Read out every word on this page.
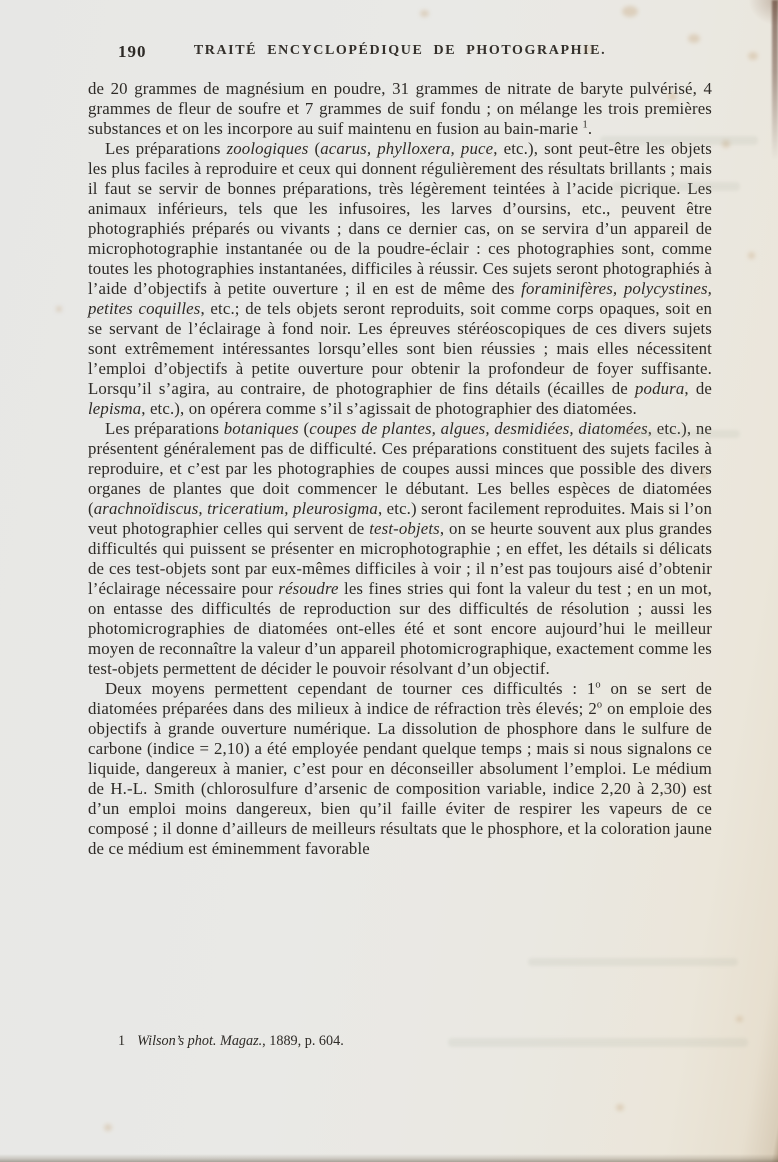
190	TRAITÉ ENCYCLOPÉDIQUE DE PHOTOGRAPHIE.

de 20 grammes de magnésium en poudre, 31 grammes de nitrate de baryte pulvérisé, 4 grammes de fleur de soufre et 7 grammes de suif fondu ; on mélange les trois premières substances et on les incorpore au suif maintenu en fusion au bain-marie $^1$.

Les préparations zoologiques (acarus, phylloxera, puce, etc.), sont peut-être les objets les plus faciles à reproduire et ceux qui donnent régulièrement des résultats brillants ; mais il faut se servir de bonnes préparations, très légèrement teintées à l’acide picrique. Les animaux inférieurs, tels que les infusoires, les larves d’oursins, etc., peuvent être photographiés préparés ou vivants ; dans ce dernier cas, on se servira d’un appareil de microphotographie instantanée ou de la poudre-éclair : ces photographies sont, comme toutes les photographies instantanées, difficiles à réussir. Ces sujets seront photographiés à l’aide d’objectifs à petite ouverture ; il en est de même des foraminifères, polycystines, petites coquilles, etc.; de tels objets seront reproduits, soit comme corps opaques, soit en se servant de l’éclairage à fond noir. Les épreuves stéréoscopiques de ces divers sujets sont extrêmement intéressantes lorsqu’elles sont bien réussies ; mais elles nécessitent l’emploi d’objectifs à petite ouverture pour obtenir la profondeur de foyer suffisante. Lorsqu’il s’agira, au contraire, de photographier de fins détails (écailles de podura, de lepisma, etc.), on opérera comme s’il s’agissait de photographier des diatomées.

Les préparations botaniques (coupes de plantes, algues, desmidiées, diatomées, etc.), ne présentent généralement pas de difficulté. Ces préparations constituent des sujets faciles à reproduire, et c’est par les photographies de coupes aussi minces que possible des divers organes de plantes que doit commencer le débutant. Les belles espèces de diatomées (arachnoïdiscus, triceratium, pleurosigma, etc.) seront facilement reproduites. Mais si l’on veut photographier celles qui servent de test-objets, on se heurte souvent aux plus grandes difficultés qui puissent se présenter en microphotographie ; en effet, les détails si délicats de ces test-objets sont par eux-mêmes difficiles à voir ; il n’est pas toujours aisé d’obtenir l’éclairage nécessaire pour résoudre les fines stries qui font la valeur du test ; en un mot, on entasse des difficultés de reproduction sur des difficultés de résolution ; aussi les photomicrographies de diatomées ont-elles été et sont encore aujourd’hui le meilleur moyen de reconnaître la valeur d’un appareil photomicrographique, exactement comme les test-objets permettent de décider le pouvoir résolvant d’un objectif.

Deux moyens permettent cependant de tourner ces difficultés : 1$^o$ on se sert de diatomées préparées dans des milieux à indice de réfraction très élevés; 2$^o$ on emploie des objectifs à grande ouverture numérique. La dissolution de phosphore dans le sulfure de carbone (indice = 2,10) a été employée pendant quelque temps ; mais si nous signalons ce liquide, dangereux à manier, c’est pour en déconseiller absolument l’emploi. Le médium de H.-L. Smith (chlorosulfure d’arsenic de composition variable, indice 2,20 à 2,30) est d’un emploi moins dangereux, bien qu’il faille éviter de respirer les vapeurs de ce composé ; il donne d’ailleurs de meilleurs résultats que le phosphore, et la coloration jaune de ce médium est éminemment favorable

1 Wilson’s phot. Magaz., 1889, p. 604.
